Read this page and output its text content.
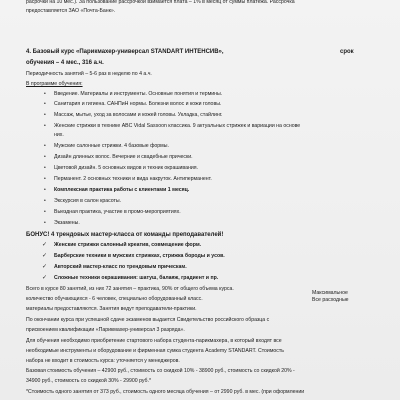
расрочки на 10 мес.). За пользование рассрочкой взимается плата – 1% в месяц от суммы платежа. Рассрочка
предоставляется ЗАО «Почта-Банк».
4. Базовый курс «Парикмахер-универсал STANDART ИНТЕНСИВ»,	срок
обучения – 4 мес., 316 а.ч.
Периодичность занятий – 5-6 раз в неделю по 4 а.ч.
В программе обучения:
• Введение. Материалы и инструменты. Основные понятия и термины.
• Санитария и гигиена. САНПиН нормы. Болезни волос и кожи головы.
• Массаж, мытье, уход за волосами и кожей головы. Укладка, стайлинг.
• Женские стрижки в технике ABC Vidal Sassoon классика. 9 актуальных стрижек и вариации на основе
них.
• Мужские салонные стрижки. 4 базовые формы.
• Дизайн длинных волос. Вечерние и свадебные прически.
• Цветовой дизайн. 5 основных видов и техник окрашивания.
• Перманент. 2 основных техники и вида накруток. Антиперманент.
• Комплексная практика работы с клиентами 1 месяц.
• Экскурсия в салон красоты.
• Выездная практика, участие в промо-мероприятиях.
• Экзамены.
БОНУС! 4 трендовых мастер-класса от команды преподавателей!
✓ Женские стрижки салонный креатив, совмещение форм.
✓ Барберские техники в мужских стрижках, стрижка бороды и усов.
✓ Авторский мастер-класс по трендовым прическам.
✓ Сложные техники окрашивания: шатуш, балаяж, градиент и пр.
Всего в курсе 80 занятий, из них 72 занятия – практика, 90% от общего объема курса.
Максимальное
количество обучающихся - 6 человек, специально оборудованный класс.	Все расходные
материалы предоставляются. Занятия ведут преподаватели-практики.
По окончании курса при успешной сдаче экзаменов выдается Свидетельство российского образца с
присвоением квалификации «Парикмахер-универсал 3 разряда».
Для обучения необходимо приобретение стартового набора студента-парикмахера, в который входят все
необходимые инструменты и оборудование и фирменная сумка студента Academy STANDART. Стоимость
набора не входит в стоимость курса: уточняется у менеджеров.
Базовая стоимость обучения – 42900 руб., стоимость со скидкой 10% - 38900 руб., стоимость со скидкой 20% -
34900 руб., стоимость со скидкой 30% - 29900 руб.*
*Стоимость одного занятия от 373 руб., стоимость одного месяца обучения – от 2990 руб. в мес. (при оформлении
